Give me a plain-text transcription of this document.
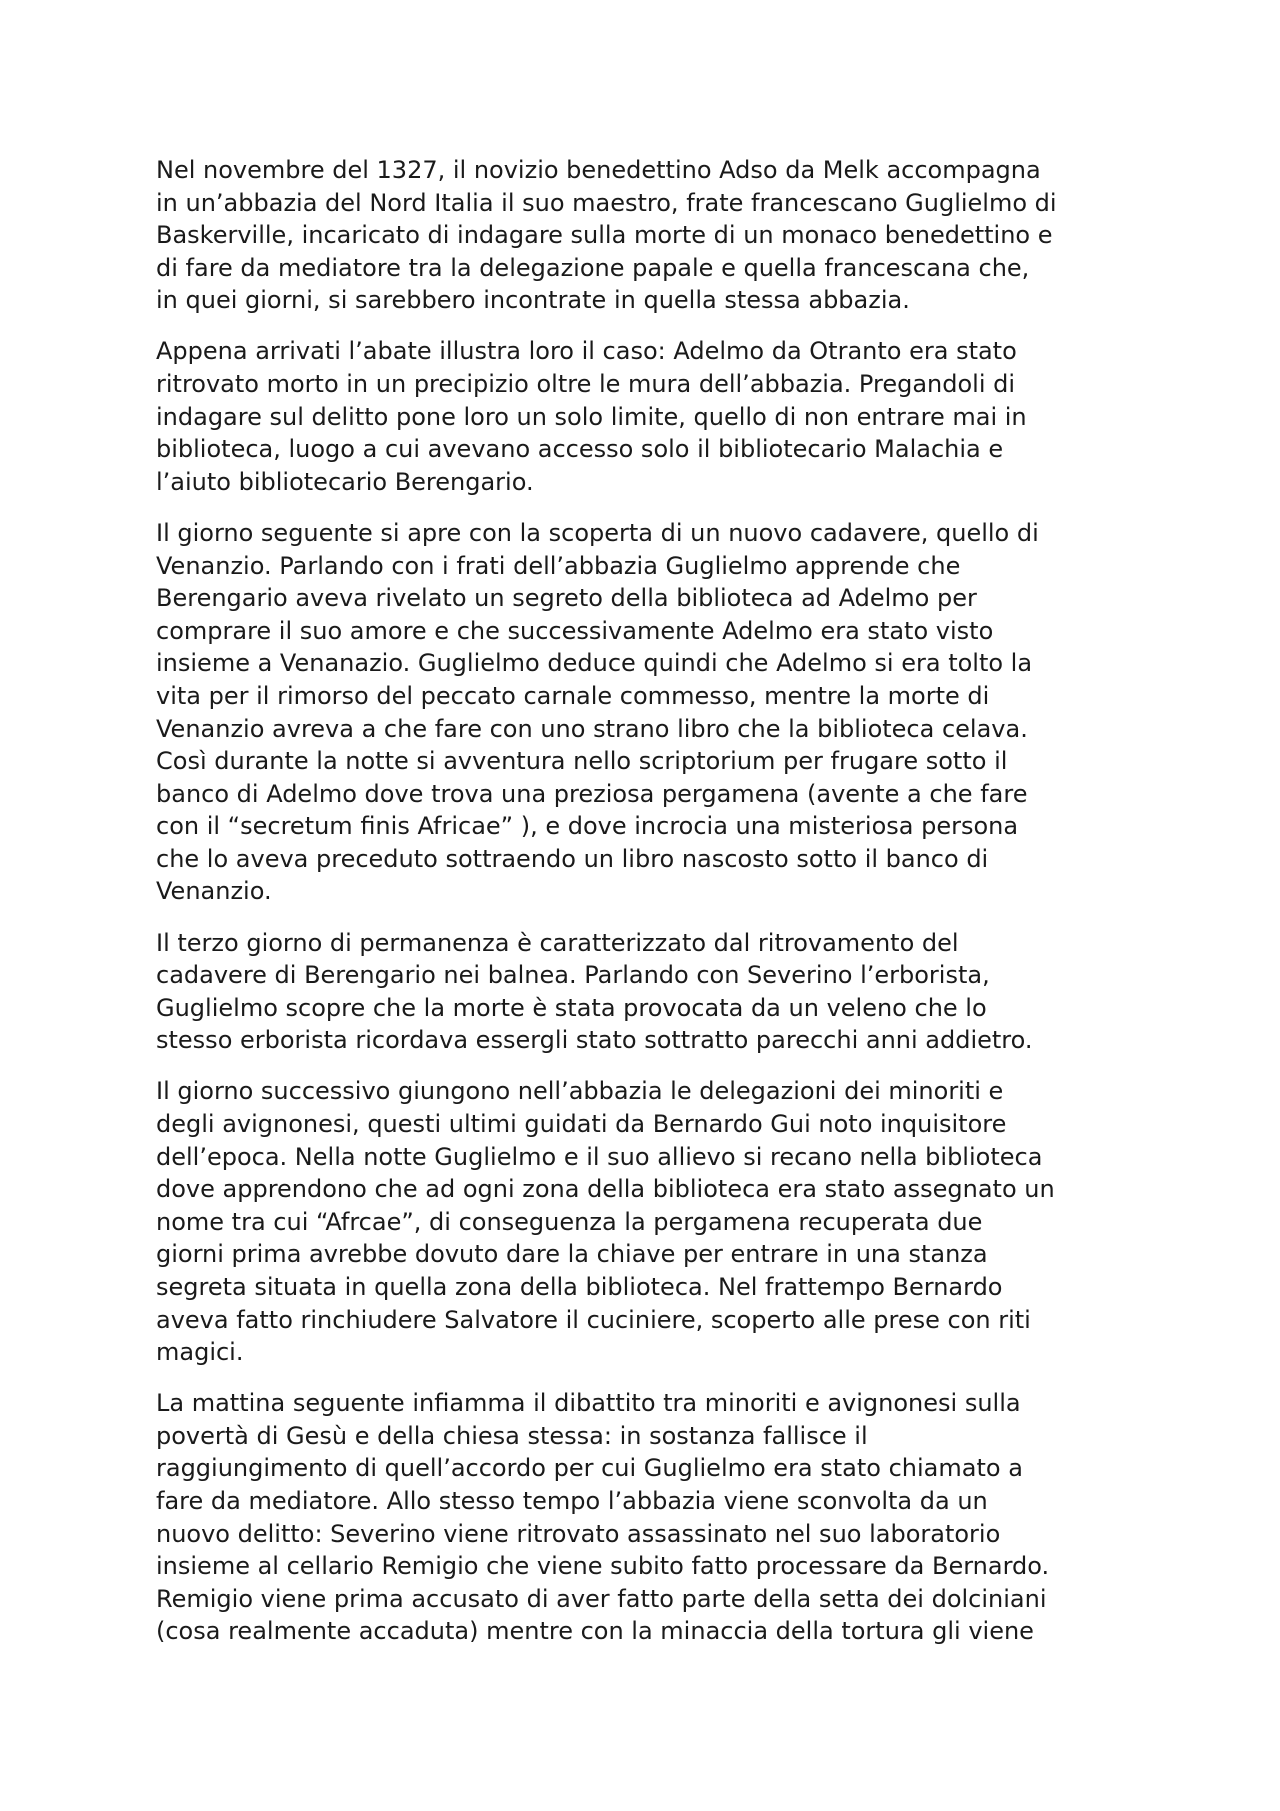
Nel novembre del 1327, il novizio benedettino Adso da Melk accompagna
in un’abbazia del Nord Italia il suo maestro, frate francescano Guglielmo di
Baskerville, incaricato di indagare sulla morte di un monaco benedettino e
di fare da mediatore tra la delegazione papale e quella francescana che,
in quei giorni, si sarebbero incontrate in quella stessa abbazia.

Appena arrivati l’abate illustra loro il caso: Adelmo da Otranto era stato
ritrovato morto in un precipizio oltre le mura dell’abbazia. Pregandoli di
indagare sul delitto pone loro un solo limite, quello di non entrare mai in
biblioteca, luogo a cui avevano accesso solo il bibliotecario Malachia e
l’aiuto bibliotecario Berengario.

Il giorno seguente si apre con la scoperta di un nuovo cadavere, quello di
Venanzio. Parlando con i frati dell’abbazia Guglielmo apprende che
Berengario aveva rivelato un segreto della biblioteca ad Adelmo per
comprare il suo amore e che successivamente Adelmo era stato visto
insieme a Venanazio. Guglielmo deduce quindi che Adelmo si era tolto la
vita per il rimorso del peccato carnale commesso, mentre la morte di
Venanzio avreva a che fare con uno strano libro che la biblioteca celava.
Così durante la notte si avventura nello scriptorium per frugare sotto il
banco di Adelmo dove trova una preziosa pergamena (avente a che fare
con il “secretum finis Africae” ), e dove incrocia una misteriosa persona
che lo aveva preceduto sottraendo un libro nascosto sotto il banco di
Venanzio.

Il terzo giorno di permanenza è caratterizzato dal ritrovamento del
cadavere di Berengario nei balnea. Parlando con Severino l’erborista,
Guglielmo scopre che la morte è stata provocata da un veleno che lo
stesso erborista ricordava essergli stato sottratto parecchi anni addietro.

Il giorno successivo giungono nell’abbazia le delegazioni dei minoriti e
degli avignonesi, questi ultimi guidati da Bernardo Gui noto inquisitore
dell’epoca. Nella notte Guglielmo e il suo allievo si recano nella biblioteca
dove apprendono che ad ogni zona della biblioteca era stato assegnato un
nome tra cui “Afrcae”, di conseguenza la pergamena recuperata due
giorni prima avrebbe dovuto dare la chiave per entrare in una stanza
segreta situata in quella zona della biblioteca. Nel frattempo Bernardo
aveva fatto rinchiudere Salvatore il cuciniere, scoperto alle prese con riti
magici.

La mattina seguente infiamma il dibattito tra minoriti e avignonesi sulla
povertà di Gesù e della chiesa stessa: in sostanza fallisce il
raggiungimento di quell’accordo per cui Guglielmo era stato chiamato a
fare da mediatore. Allo stesso tempo l’abbazia viene sconvolta da un
nuovo delitto: Severino viene ritrovato assassinato nel suo laboratorio
insieme al cellario Remigio che viene subito fatto processare da Bernardo.
Remigio viene prima accusato di aver fatto parte della setta dei dolciniani
(cosa realmente accaduta) mentre con la minaccia della tortura gli viene
